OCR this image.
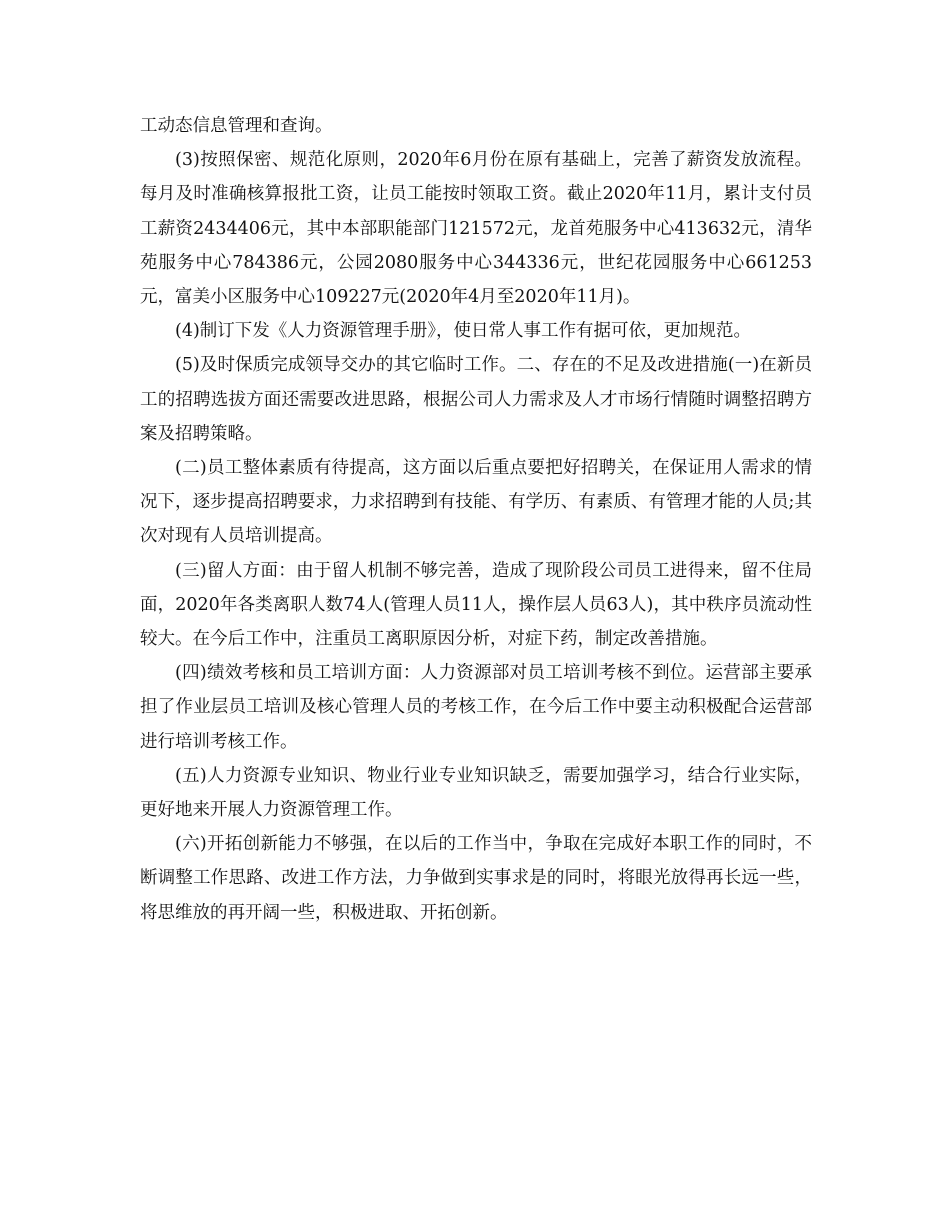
工动态信息管理和查询。

(3)按照保密、规范化原则，2020年6月份在原有基础上，完善了薪资发放流程。每月及时准确核算报批工资，让员工能按时领取工资。截止2020年11月，累计支付员工薪资2434406元，其中本部职能部门121572元，龙首苑服务中心413632元，清华苑服务中心784386元，公园2080服务中心344336元，世纪花园服务中心661253元，富美小区服务中心109227元(2020年4月至2020年11月)。

(4)制订下发《人力资源管理手册》，使日常人事工作有据可依，更加规范。

(5)及时保质完成领导交办的其它临时工作。二、存在的不足及改进措施(一)在新员工的招聘选拔方面还需要改进思路，根据公司人力需求及人才市场行情随时调整招聘方案及招聘策略。

(二)员工整体素质有待提高，这方面以后重点要把好招聘关，在保证用人需求的情况下，逐步提高招聘要求，力求招聘到有技能、有学历、有素质、有管理才能的人员;其次对现有人员培训提高。

(三)留人方面：由于留人机制不够完善，造成了现阶段公司员工进得来，留不住局面，2020年各类离职人数74人(管理人员11人，操作层人员63人)，其中秩序员流动性较大。在今后工作中，注重员工离职原因分析，对症下药，制定改善措施。

(四)绩效考核和员工培训方面：人力资源部对员工培训考核不到位。运营部主要承担了作业层员工培训及核心管理人员的考核工作，在今后工作中要主动积极配合运营部进行培训考核工作。

(五)人力资源专业知识、物业行业专业知识缺乏，需要加强学习，结合行业实际，更好地来开展人力资源管理工作。

(六)开拓创新能力不够强，在以后的工作当中，争取在完成好本职工作的同时，不断调整工作思路、改进工作方法，力争做到实事求是的同时，将眼光放得再长远一些，将思维放的再开阔一些，积极进取、开拓创新。
